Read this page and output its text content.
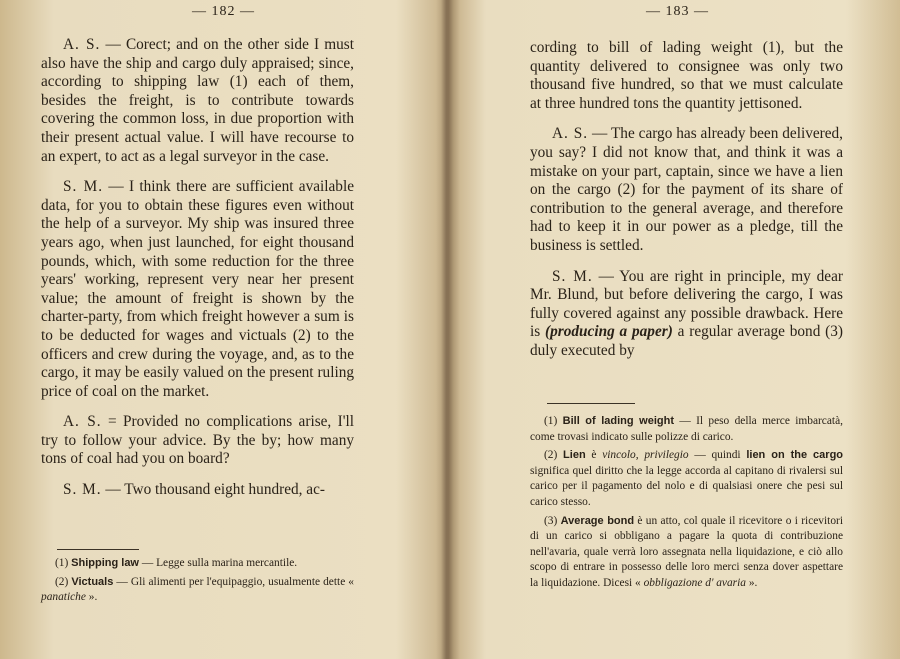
— 182 —

A. S. — Corect; and on the other side I must also have the ship and cargo duly appraised; since, according to shipping law (1) each of them, besides the freight, is to contribute towards covering the common loss, in due proportion with their present actual value. I will have recourse to an expert, to act as a legal surveyor in the case.

S. M. — I think there are sufficient available data, for you to obtain these figures even without the help of a surveyor. My ship was insured three years ago, when just launched, for eight thousand pounds, which, with some reduction for the three years' working, represent very near her present value; the amount of freight is shown by the charter-party, from which freight however a sum is to be deducted for wages and victuals (2) to the officers and crew during the voyage, and, as to the cargo, it may be easily valued on the present ruling price of coal on the market.

A. S. = Provided no complications arise, I'll try to follow your advice. By the by; how many tons of coal had you on board?

S. M. — Two thousand eight hundred, ac-

(1) Shipping law — Legge sulla marina mercantile.

(2) Victuals — Gli alimenti per l'equipaggio, usualmente dette « panatiche ».

— 183 —

cording to bill of lading weight (1), but the quantity delivered to consignee was only two thousand five hundred, so that we must calculate at three hundred tons the quantity jettisoned.

A. S. — The cargo has already been delivered, you say? I did not know that, and think it was a mistake on your part, captain, since we have a lien on the cargo (2) for the payment of its share of contribution to the general average, and therefore had to keep it in our power as a pledge, till the business is settled.

S. M. — You are right in principle, my dear Mr. Blund, but before delivering the cargo, I was fully covered against any possible drawback. Here is (producing a paper) a regular average bond (3) duly executed by

(1) Bill of lading weight — Il peso della merce imbarcatà, come trovasi indicato sulle polizze di carico.

(2) Lien è vincolo, privilegio — quindi lien on the cargo significa quel diritto che la legge accorda al capitano di rivalersi sul carico per il pagamento del nolo e di qualsiasi onere che pesi sul carico stesso.

(3) Average bond è un atto, col quale il ricevitore o i ricevitori di un carico si obbligano a pagare la quota di contribuzione nell'avaria, quale verrà loro assegnata nella liquidazione, e ciò allo scopo di entrare in possesso delle loro merci senza dover aspettare la liquidazione. Dicesi « obbligazione d' avaria ».
